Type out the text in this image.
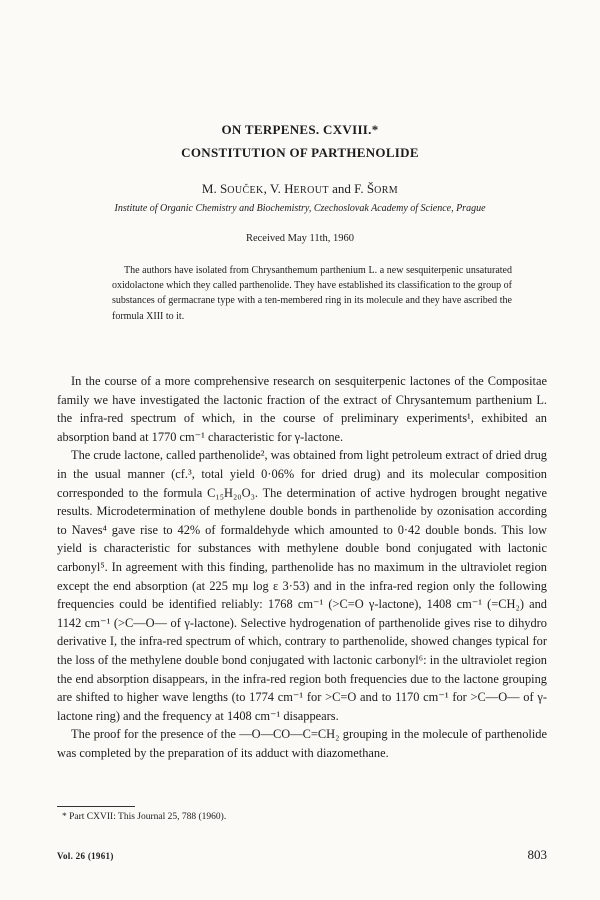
ON TERPENES. CXVIII.*
CONSTITUTION OF PARTHENOLIDE
M. SOUČEK, V. HEROUT and F. ŠORM
Institute of Organic Chemistry and Biochemistry, Czechoslovak Academy of Science, Prague
Received May 11th, 1960

The authors have isolated from Chrysanthemum parthenium L. a new sesquiterpenic unsaturated oxidolactone which they called parthenolide. They have established its classification to the group of substances of germacrane type with a ten-membered ring in its molecule and they have ascribed the formula XIII to it.

In the course of a more comprehensive research on sesquiterpenic lactones of the Compositae family we have investigated the lactonic fraction of the extract of Chrysantemum parthenium L. the infra-red spectrum of which, in the course of preliminary experiments¹, exhibited an absorption band at 1770 cm⁻¹ characteristic for γ-lactone.

The crude lactone, called parthenolide², was obtained from light petroleum extract of dried drug in the usual manner (cf.³, total yield 0·06% for dried drug) and its molecular composition corresponded to the formula C₁₅H₂₀O₃. The determination of active hydrogen brought negative results. Microdetermination of methylene double bonds in parthenolide by ozonisation according to Naves⁴ gave rise to 42% of formaldehyde which amounted to 0·42 double bonds. This low yield is characteristic for substances with methylene double bond conjugated with lactonic carbonyl⁵. In agreement with this finding, parthenolide has no maximum in the ultraviolet region except the end absorption (at 225 mμ log ε 3·53) and in the infra-red region only the following frequencies could be identified reliably: 1768 cm⁻¹ (>C=O γ-lactone), 1408 cm⁻¹ (=CH₂) and 1142 cm⁻¹ (>C—O— of γ-lactone). Selective hydrogenation of parthenolide gives rise to dihydro derivative I, the infra-red spectrum of which, contrary to parthenolide, showed changes typical for the loss of the methylene double bond conjugated with lactonic carbonyl⁶: in the ultraviolet region the end absorption disappears, in the infra-red region both frequencies due to the lactone grouping are shifted to higher wave lengths (to 1774 cm⁻¹ for >C=O and to 1170 cm⁻¹ for >C—O— of γ-lactone ring) and the frequency at 1408 cm⁻¹ disappears.

The proof for the presence of the —O—CO—C=CH₂ grouping in the molecule of parthenolide was completed by the preparation of its adduct with diazomethane.

* Part CXVII: This Journal 25, 788 (1960).
Vol. 26 (1961)	803
